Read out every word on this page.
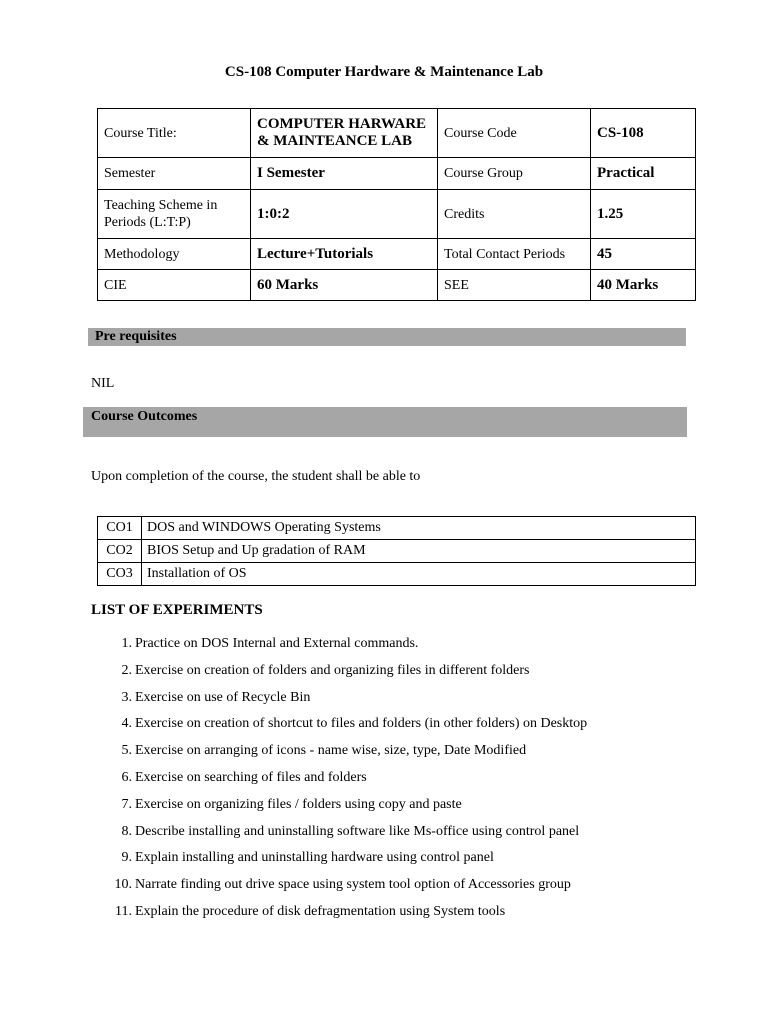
CS-108 Computer Hardware & Maintenance Lab
Course Title:	COMPUTER HARWARE & MAINTEANCE LAB	Course Code	CS-108
Semester	I Semester	Course Group	Practical
Teaching Scheme in Periods (L:T:P)	1:0:2	Credits	1.25
Methodology	Lecture+Tutorials	Total Contact Periods	45
CIE	60 Marks	SEE	40 Marks
Pre requisites
NIL
Course Outcomes
Upon completion of the course, the student shall be able to
CO1	DOS and WINDOWS Operating Systems
CO2	BIOS Setup and Up gradation of RAM
CO3	Installation of OS
LIST OF EXPERIMENTS
1. Practice on DOS Internal and External commands.
2. Exercise on creation of folders and organizing files in different folders
3. Exercise on use of Recycle Bin
4. Exercise on creation of shortcut to files and folders (in other folders) on Desktop
5. Exercise on arranging of icons - name wise, size, type, Date Modified
6. Exercise on searching of files and folders
7. Exercise on organizing files / folders using copy and paste
8. Describe installing and uninstalling software like Ms-office using control panel
9. Explain installing and uninstalling hardware using control panel
10. Narrate finding out drive space using system tool option of Accessories group
11. Explain the procedure of disk defragmentation using System tools
